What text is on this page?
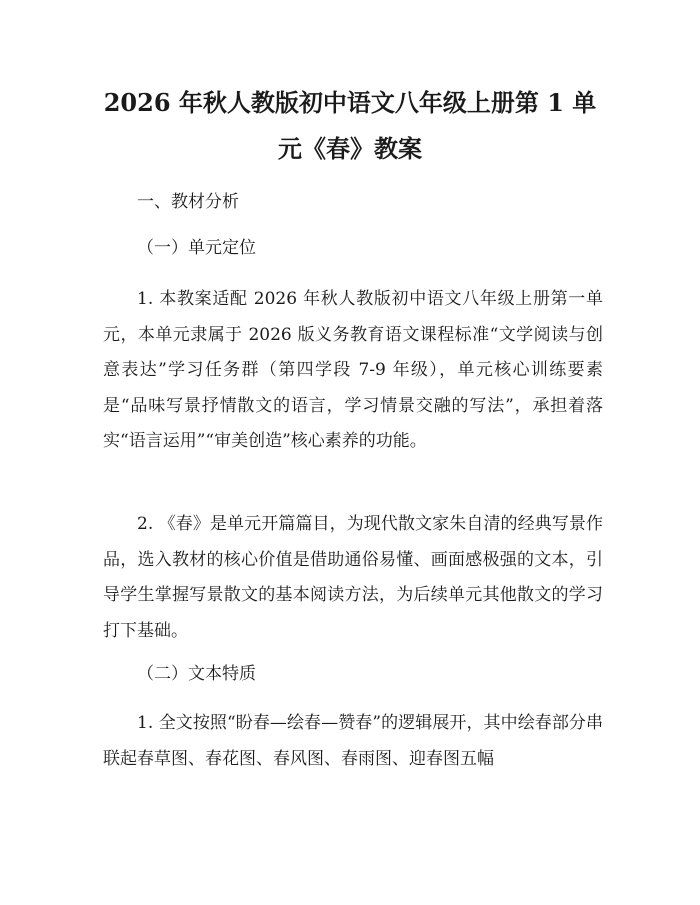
2026 年秋人教版初中语文八年级上册第 1 单
元《春》教案

一、教材分析

（一）单元定位

1. 本教案适配 2026 年秋人教版初中语文八年级上册第一单元，本单元隶属于 2026 版义务教育语文课程标准“文学阅读与创意表达”学习任务群（第四学段 7-9 年级），单元核心训练要素是“品味写景抒情散文的语言，学习情景交融的写法”，承担着落实“语言运用”“审美创造”核心素养的功能。

2. 《春》是单元开篇篇目，为现代散文家朱自清的经典写景作品，选入教材的核心价值是借助通俗易懂、画面感极强的文本，引导学生掌握写景散文的基本阅读方法，为后续单元其他散文的学习打下基础。

（二）文本特质

1. 全文按照“盼春—绘春—赞春”的逻辑展开，其中绘春部分串联起春草图、春花图、春风图、春雨图、迎春图五幅
